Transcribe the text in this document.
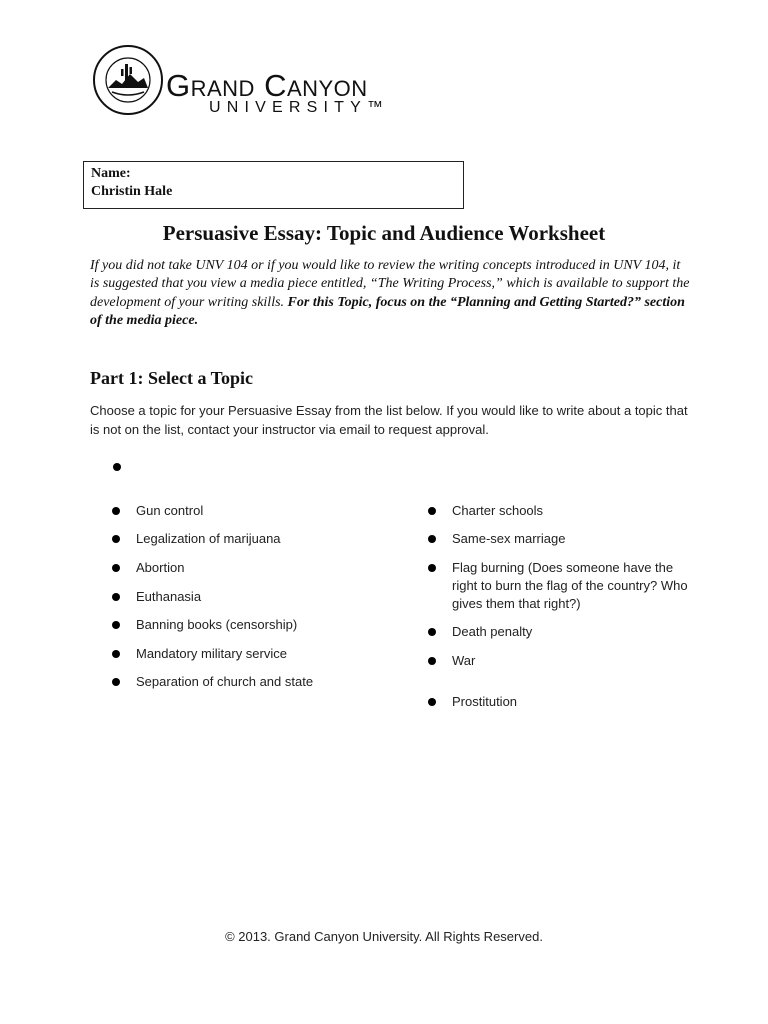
Grand Canyon
UNIVERSITY™
Name:
Christin Hale
Persuasive Essay: Topic and Audience Worksheet

If you did not take UNV 104 or if you would like to review the writing concepts introduced in UNV 104, it is suggested that you view a media piece entitled, “The Writing Process,” which is available to support the development of your writing skills. For this Topic, focus on the “Planning and Getting Started?” section of the media piece.

Part 1: Select a Topic

Choose a topic for your Persuasive Essay from the list below. If you would like to write about a topic that is not on the list, contact your instructor via email to request approval.

Gun control
Legalization of marijuana
Abortion
Euthanasia
Banning books (censorship)
Mandatory military service
Separation of church and state
Charter schools
Same-sex marriage
Flag burning (Does someone have the right to burn the flag of the country? Who gives them that right?)
Death penalty
War
Prostitution

© 2013. Grand Canyon University. All Rights Reserved.
